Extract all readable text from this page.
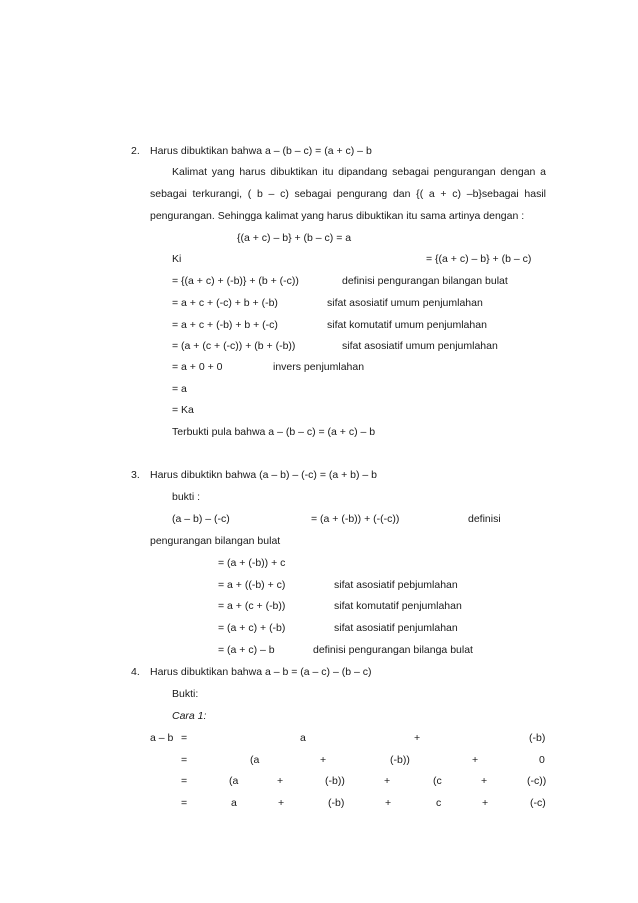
2. Harus dibuktikan bahwa a – (b – c) = (a + c) – b
Kalimat yang harus dibuktikan itu dipandang sebagai pengurangan dengan a
sebagai terkurangi, ( b – c) sebagai pengurang dan {( a + c) –b}sebagai hasil
pengurangan. Sehingga kalimat yang harus dibuktikan itu sama artinya dengan :
{(a + c) – b} + (b – c) = a
Ki	= {(a + c) – b} + (b – c)
= {(a + c) + (-b)} + (b + (-c))	definisi pengurangan bilangan bulat
= a + c + (-c) + b + (-b)	sifat asosiatif umum penjumlahan
= a + c + (-b) + b + (-c)	sifat komutatif umum penjumlahan
= (a + (c + (-c)) + (b + (-b))	sifat asosiatif umum penjumlahan
= a + 0 + 0	invers penjumlahan
= a
= Ka
Terbukti pula bahwa a – (b – c) = (a + c) – b
3. Harus dibuktikn bahwa (a – b) – (-c) = (a + b) – b
bukti :
(a – b) – (-c)	= (a + (-b)) + (-(-c))	definisi
pengurangan bilangan bulat
= (a + (-b)) + c
= a + ((-b) + c)	sifat asosiatif pebjumlahan
= a + (c + (-b))	sifat komutatif penjumlahan
= (a + c) + (-b)	sifat asosiatif penjumlahan
= (a + c) – b	definisi pengurangan bilanga bulat
4. Harus dibuktikan bahwa a – b = (a – c) – (b – c)
Bukti:
Cara 1:
a – b =	a	+	(-b)
=	(a	+	(-b))	+	0
=	(a	+	(-b))	+	(c	+	(-c))
=	a	+	(-b)	+	c	+	(-c)
